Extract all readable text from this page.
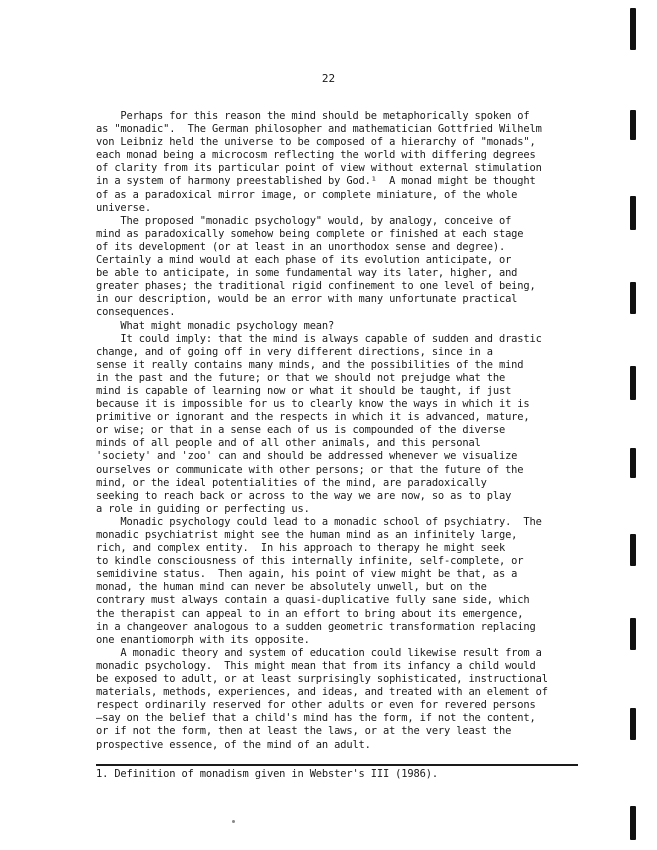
22
Perhaps for this reason the mind should be metaphorically spoken of
as "monadic".  The German philosopher and mathematician Gottfried Wilhelm
von Leibniz held the universe to be composed of a hierarchy of "monads",
each monad being a microcosm reflecting the world with differing degrees
of clarity from its particular point of view without external stimulation
in a system of harmony preestablished by God.¹  A monad might be thought
of as a paradoxical mirror image, or complete miniature, of the whole
universe.
The proposed "monadic psychology" would, by analogy, conceive of
mind as paradoxically somehow being complete or finished at each stage
of its development (or at least in an unorthodox sense and degree).
Certainly a mind would at each phase of its evolution anticipate, or
be able to anticipate, in some fundamental way its later, higher, and
greater phases; the traditional rigid confinement to one level of being,
in our description, would be an error with many unfortunate practical
consequences.
What might monadic psychology mean?
It could imply: that the mind is always capable of sudden and drastic
change, and of going off in very different directions, since in a
sense it really contains many minds, and the possibilities of the mind
in the past and the future; or that we should not prejudge what the
mind is capable of learning now or what it should be taught, if just
because it is impossible for us to clearly know the ways in which it is
primitive or ignorant and the respects in which it is advanced, mature,
or wise; or that in a sense each of us is compounded of the diverse
minds of all people and of all other animals, and this personal
'society' and 'zoo' can and should be addressed whenever we visualize
ourselves or communicate with other persons; or that the future of the
mind, or the ideal potentialities of the mind, are paradoxically
seeking to reach back or across to the way we are now, so as to play
a role in guiding or perfecting us.
Monadic psychology could lead to a monadic school of psychiatry.  The
monadic psychiatrist might see the human mind as an infinitely large,
rich, and complex entity.  In his approach to therapy he might seek
to kindle consciousness of this internally infinite, self-complete, or
semidivine status.  Then again, his point of view might be that, as a
monad, the human mind can never be absolutely unwell, but on the
contrary must always contain a quasi-duplicative fully sane side, which
the therapist can appeal to in an effort to bring about its emergence,
in a changeover analogous to a sudden geometric transformation replacing
one enantiomorph with its opposite.
A monadic theory and system of education could likewise result from a
monadic psychology.  This might mean that from its infancy a child would
be exposed to adult, or at least surprisingly sophisticated, instructional
materials, methods, experiences, and ideas, and treated with an element of
respect ordinarily reserved for other adults or even for revered persons
—say on the belief that a child's mind has the form, if not the content,
or if not the form, then at least the laws, or at the very least the
prospective essence, of the mind of an adult.
1. Definition of monadism given in Webster's III (1986).
